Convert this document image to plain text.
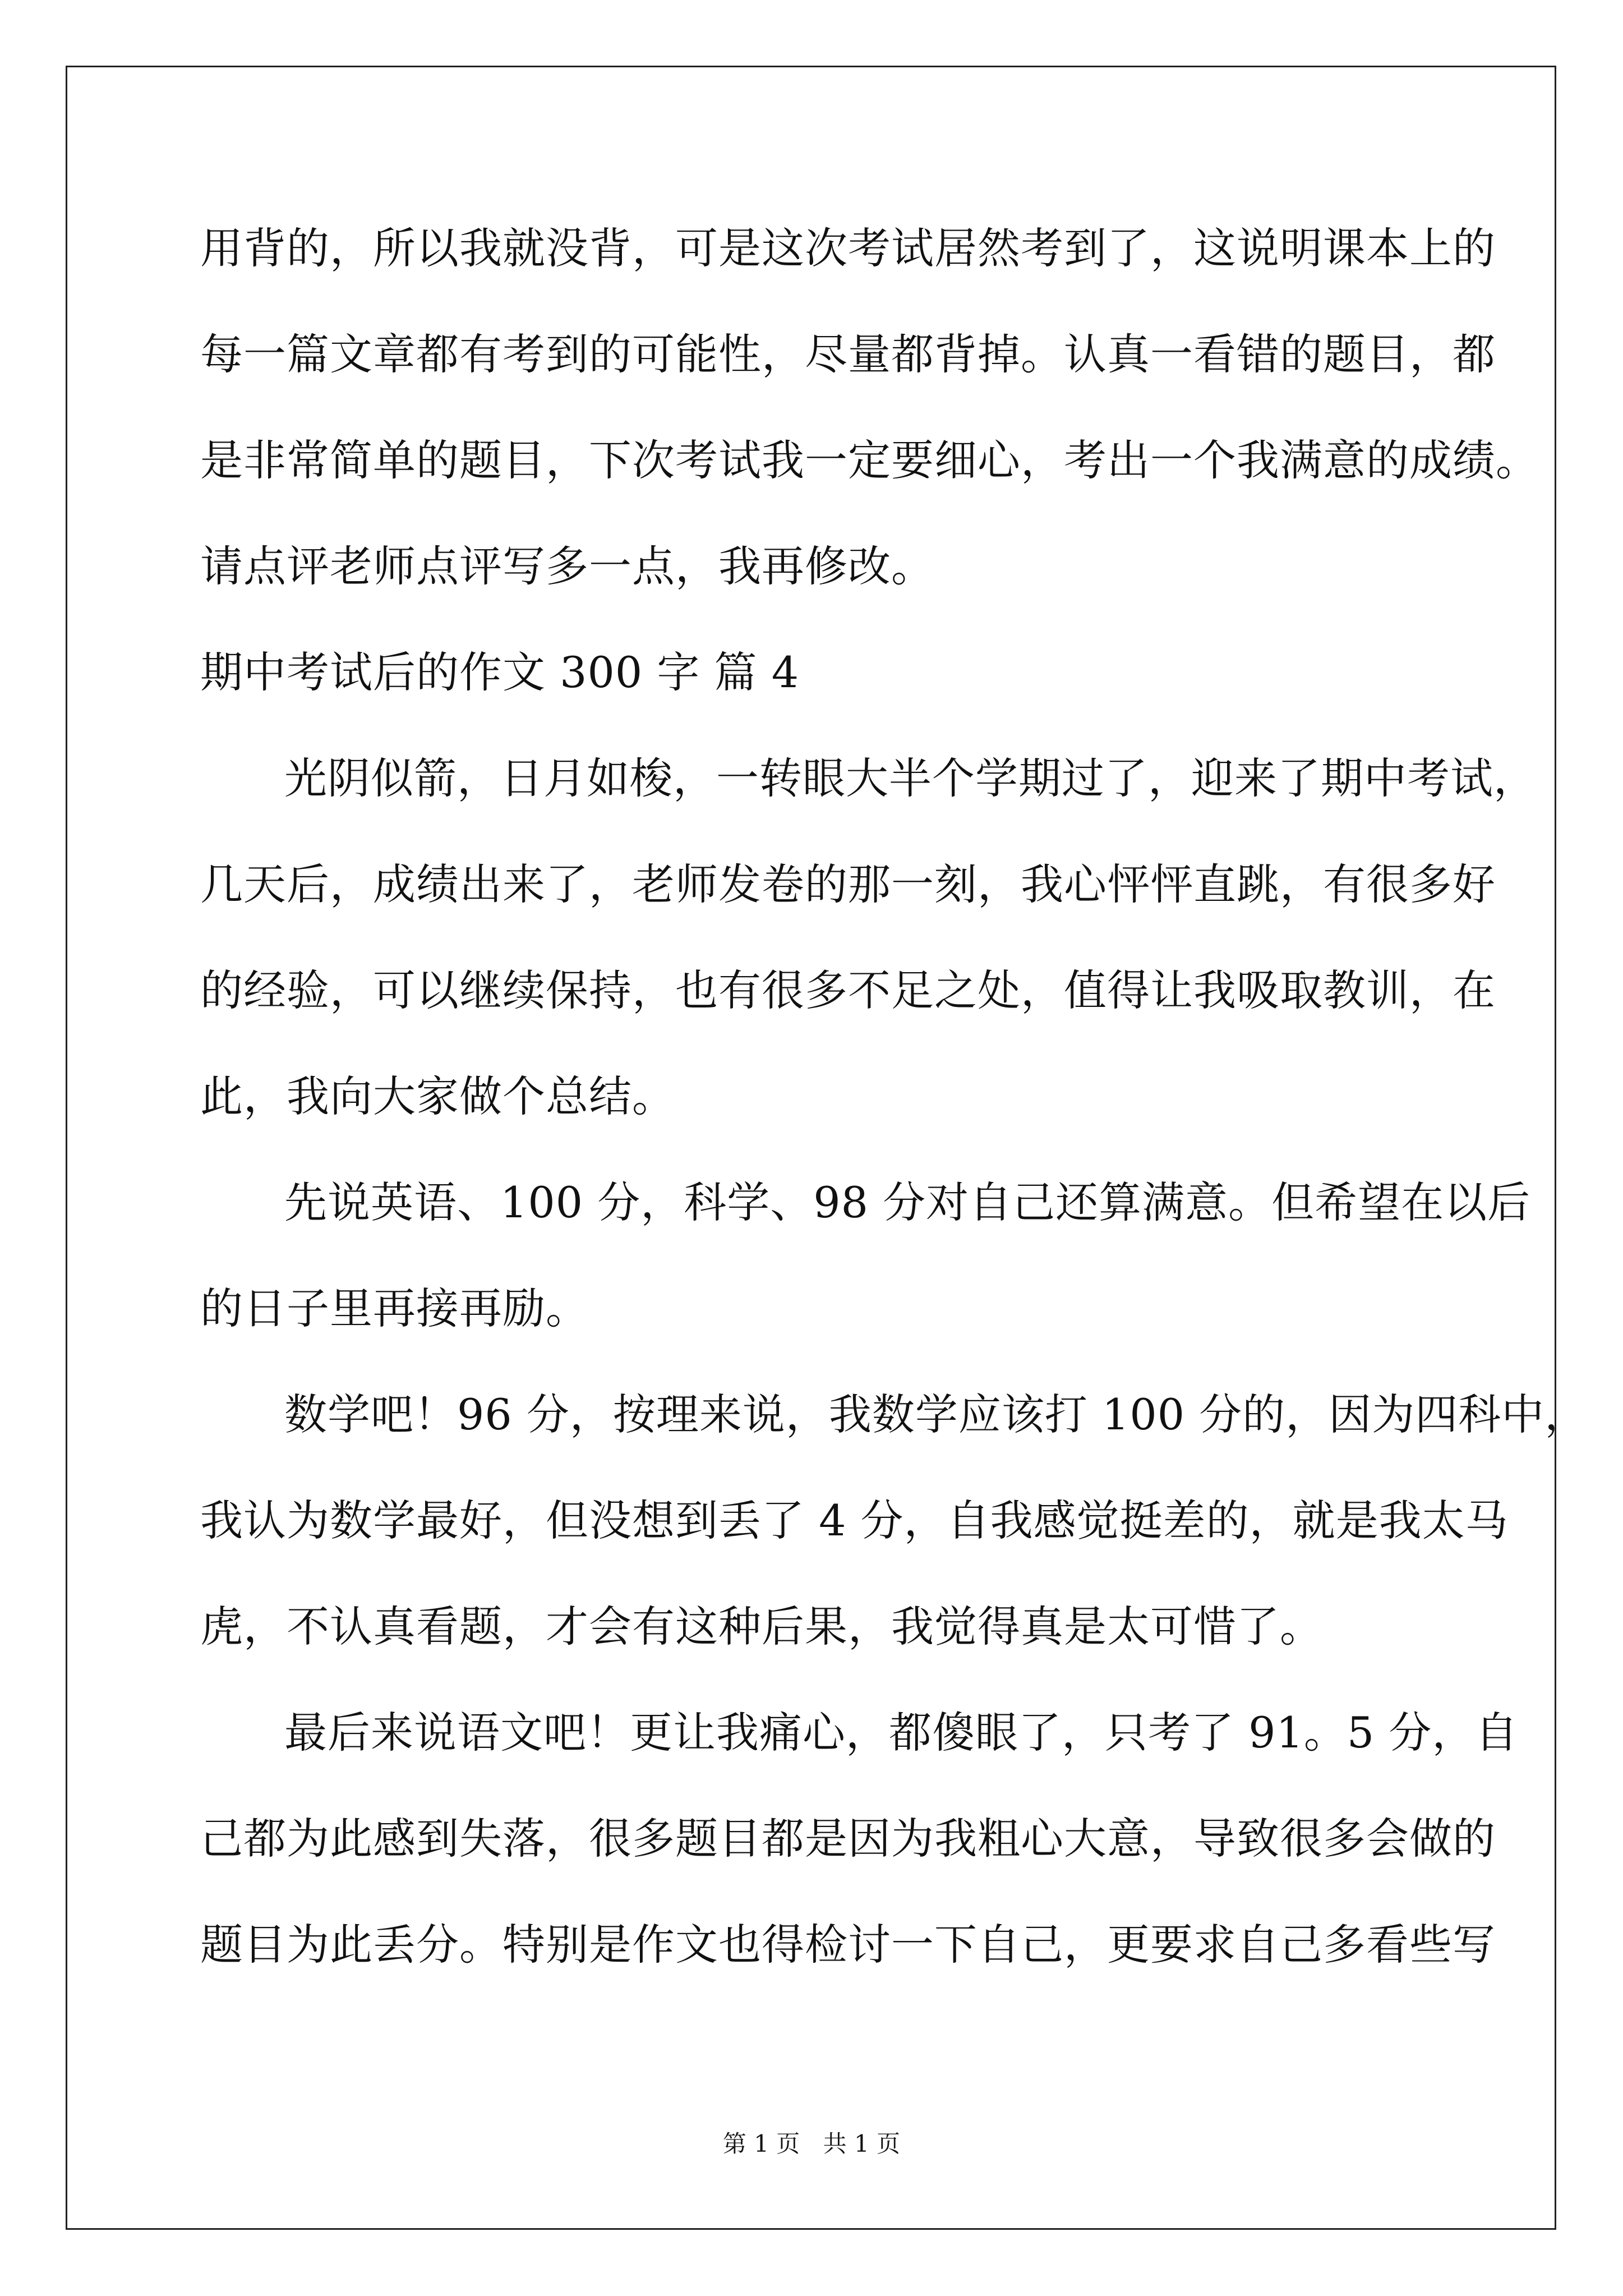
用背的，所以我就没背，可是这次考试居然考到了，这说明课本上的
每一篇文章都有考到的可能性，尽量都背掉。认真一看错的题目，都
是非常简单的题目，下次考试我一定要细心，考出一个我满意的成绩。
请点评老师点评写多一点，我再修改。
期中考试后的作文 300 字 篇 4
光阴似箭，日月如梭，一转眼大半个学期过了，迎来了期中考试，
几天后，成绩出来了，老师发卷的那一刻，我心怦怦直跳，有很多好
的经验，可以继续保持，也有很多不足之处，值得让我吸取教训，在
此，我向大家做个总结。
先说英语、100 分，科学、98 分对自己还算满意。但希望在以后
的日子里再接再励。
数学吧！96 分，按理来说，我数学应该打 100 分的，因为四科中，
我认为数学最好，但没想到丢了 4 分，自我感觉挺差的，就是我太马
虎，不认真看题，才会有这种后果，我觉得真是太可惜了。
最后来说语文吧！更让我痛心，都傻眼了，只考了 91。5 分，自
己都为此感到失落，很多题目都是因为我粗心大意，导致很多会做的
题目为此丢分。特别是作文也得检讨一下自己，更要求自己多看些写
第 1 页 共 1 页
